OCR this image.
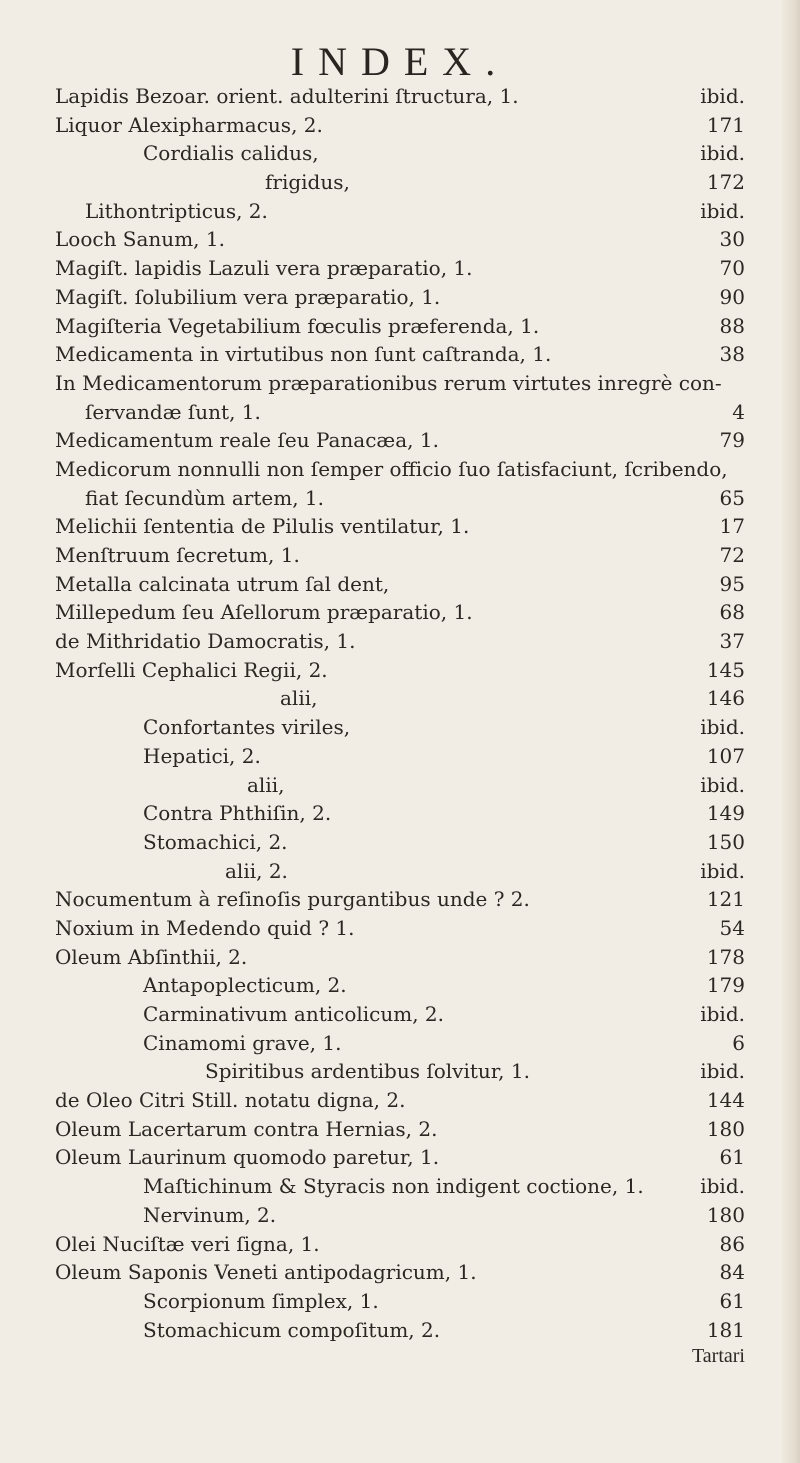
INDEX.
Lapidis Bezoar. orient. adulterini ſtructura, 1.	ibid.
Liquor Alexipharmacus, 2.	171
Cordialis calidus,	ibid.
frigidus,	172
Lithontripticus, 2.	ibid.
Looch Sanum, 1.	30
Magiſt. lapidis Lazuli vera præparatio, 1.	70
Magiſt. ſolubilium vera præparatio, 1.	90
Magiſteria Vegetabilium fœculis præferenda, 1.	88
Medicamenta in virtutibus non ſunt caſtranda, 1.	38
In Medicamentorum præparationibus rerum virtutes inregrè con-
ſervandæ ſunt, 1.	4
Medicamentum reale ſeu Panacæa, 1.	79
Medicorum nonnulli non ſemper officio ſuo ſatisfaciunt, ſcribendo,
fiat ſecundùm artem, 1.	65
Melichii ſententia de Pilulis ventilatur, 1.	17
Menſtruum ſecretum, 1.	72
Metalla calcinata utrum ſal dent,	95
Millepedum ſeu Aſellorum præparatio, 1.	68
de Mithridatio Damocratis, 1.	37
Morſelli Cephalici Regii, 2.	145
alii,	146
Confortantes viriles,	ibid.
Hepatici, 2.	107
alii,	ibid.
Contra Phthiſin, 2.	149
Stomachici, 2.	150
alii, 2.	ibid.
Nocumentum à reſinoſis purgantibus unde ? 2.	121
Noxium in Medendo quid ? 1.	54
Oleum Abſinthii, 2.	178
Antapoplecticum, 2.	179
Carminativum anticolicum, 2.	ibid.
Cinamomi grave, 1.	6
Spiritibus ardentibus ſolvitur, 1.	ibid.
de Oleo Citri Still. notatu digna, 2.	144
Oleum Lacertarum contra Hernias, 2.	180
Oleum Laurinum quomodo paretur, 1.	61
Maſtichinum & Styracis non indigent coctione, 1.	ibid.
Nervinum, 2.	180
Olei Nuciſtæ veri ſigna, 1.	86
Oleum Saponis Veneti antipodagricum, 1.	84
Scorpionum ſimplex, 1.	61
Stomachicum compoſitum, 2.	181
Tartari
